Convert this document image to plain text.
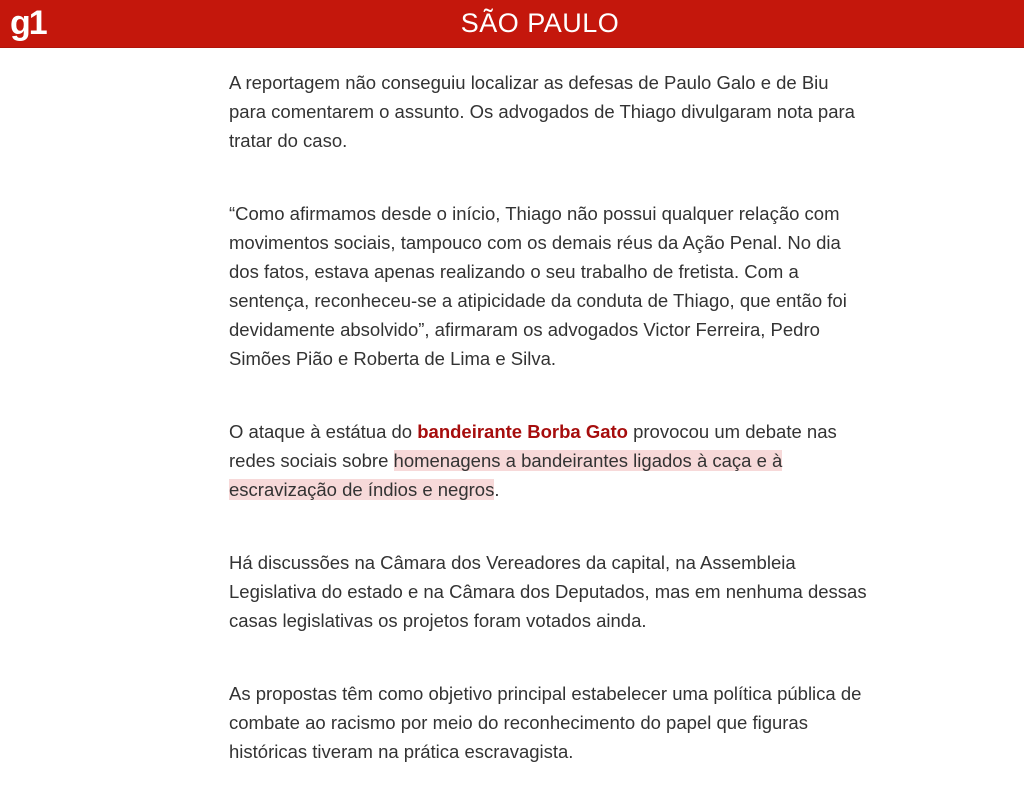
SÃO PAULO
g1

A reportagem não conseguiu localizar as defesas de Paulo Galo e de Biu para comentarem o assunto. Os advogados de Thiago divulgaram nota para tratar do caso.

“Como afirmamos desde o início, Thiago não possui qualquer relação com movimentos sociais, tampouco com os demais réus da Ação Penal. No dia dos fatos, estava apenas realizando o seu trabalho de fretista. Com a sentença, reconheceu-se a atipicidade da conduta de Thiago, que então foi devidamente absolvido”, afirmaram os advogados Victor Ferreira, Pedro Simões Pião e Roberta de Lima e Silva.

O ataque à estátua do bandeirante Borba Gato provocou um debate nas redes sociais sobre homenagens a bandeirantes ligados à caça e à escravização de índios e negros.

Há discussões na Câmara dos Vereadores da capital, na Assembleia Legislativa do estado e na Câmara dos Deputados, mas em nenhuma dessas casas legislativas os projetos foram votados ainda.

As propostas têm como objetivo principal estabelecer uma política pública de combate ao racismo por meio do reconhecimento do papel que figuras históricas tiveram na prática escravagista.
